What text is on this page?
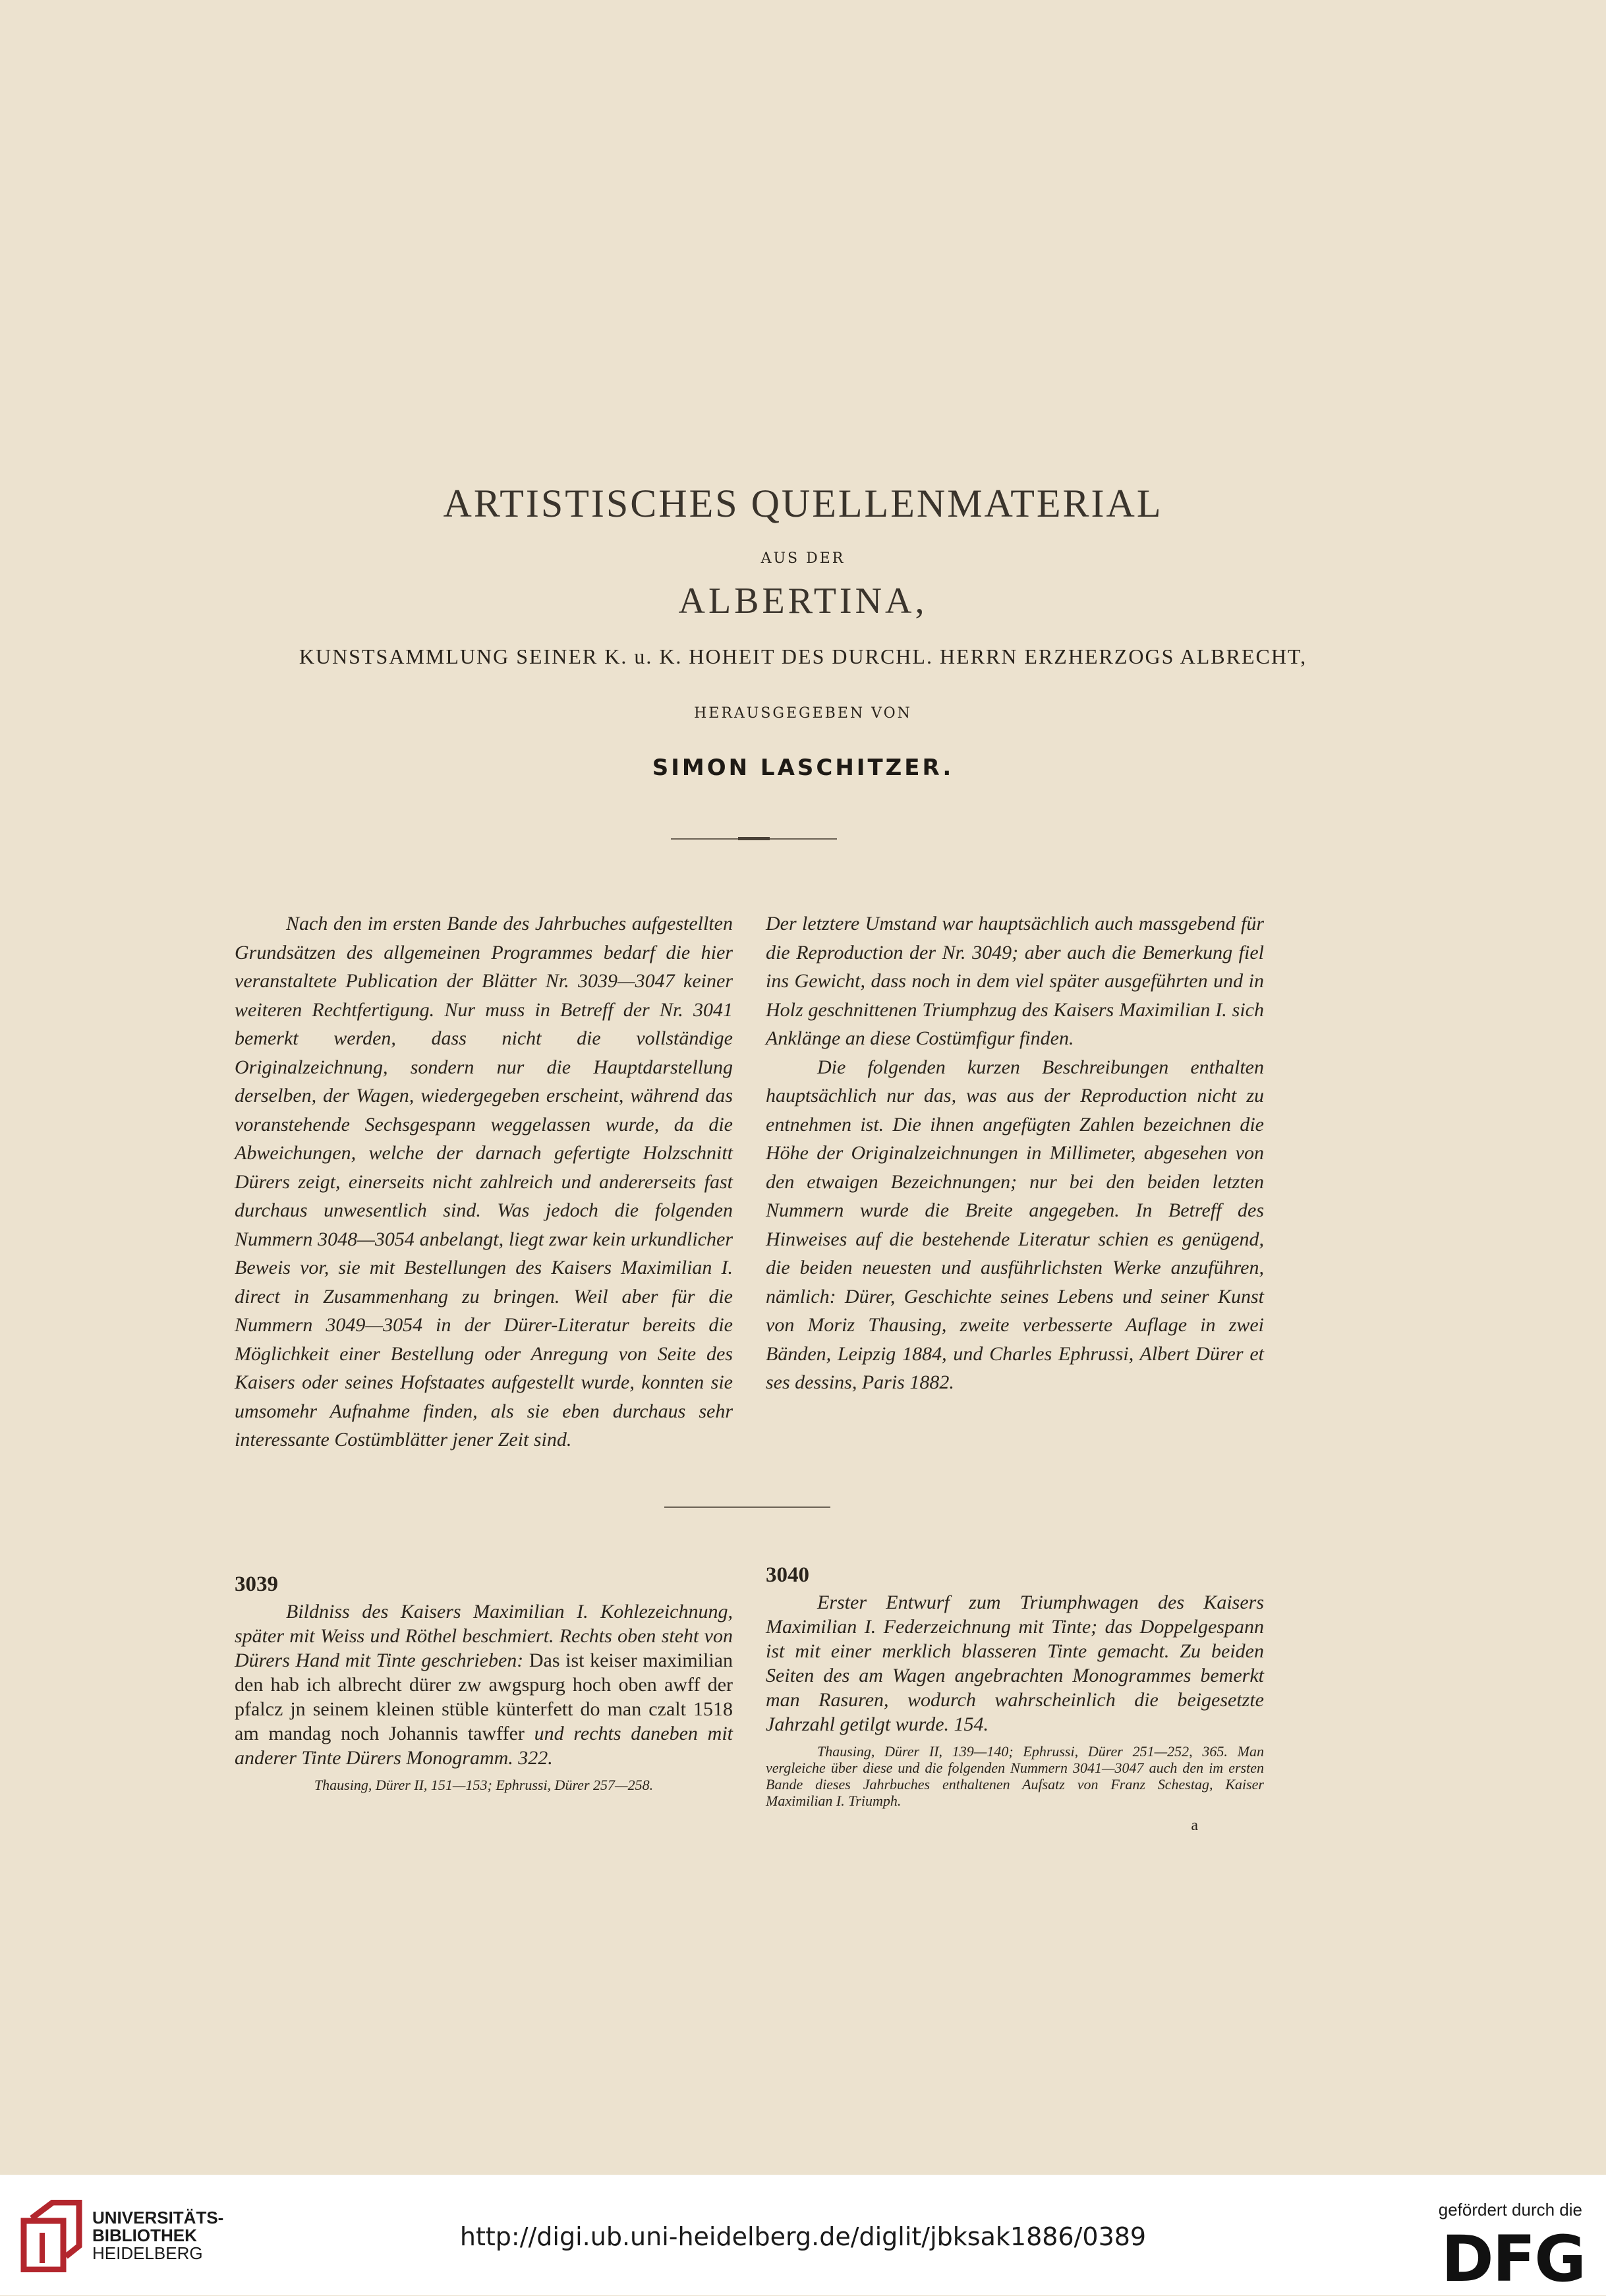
ARTISTISCHES QUELLENMATERIAL
AUS DER
ALBERTINA,
KUNSTSAMMLUNG SEINER K. u. K. HOHEIT DES DURCHL. HERRN ERZHERZOGS ALBRECHT,
HERAUSGEGEBEN VON
SIMON LASCHITZER.

Nach den im ersten Bande des Jahrbuches aufgestellten Grundsätzen des allgemeinen Programmes bedarf die hier veranstaltete Publication der Blätter Nr. 3039—3047 keiner weiteren Rechtfertigung. Nur muss in Betreff der Nr. 3041 bemerkt werden, dass nicht die vollständige Originalzeichnung, sondern nur die Hauptdarstellung derselben, der Wagen, wiedergegeben erscheint, während das voranstehende Sechsgespann weggelassen wurde, da die Abweichungen, welche der darnach gefertigte Holzschnitt Dürers zeigt, einerseits nicht zahlreich und andererseits fast durchaus unwesentlich sind. Was jedoch die folgenden Nummern 3048—3054 anbelangt, liegt zwar kein urkundlicher Beweis vor, sie mit Bestellungen des Kaisers Maximilian I. direct in Zusammenhang zu bringen. Weil aber für die Nummern 3049—3054 in der Dürer-Literatur bereits die Möglichkeit einer Bestellung oder Anregung von Seite des Kaisers oder seines Hofstaates aufgestellt wurde, konnten sie umsomehr Aufnahme finden, als sie eben durchaus sehr interessante Costümblätter jener Zeit sind.

Der letztere Umstand war hauptsächlich auch massgebend für die Reproduction der Nr. 3049; aber auch die Bemerkung fiel ins Gewicht, dass noch in dem viel später ausgeführten und in Holz geschnittenen Triumphzug des Kaisers Maximilian I. sich Anklänge an diese Costümfigur finden.

Die folgenden kurzen Beschreibungen enthalten hauptsächlich nur das, was aus der Reproduction nicht zu entnehmen ist. Die ihnen angefügten Zahlen bezeichnen die Höhe der Originalzeichnungen in Millimeter, abgesehen von den etwaigen Bezeichnungen; nur bei den beiden letzten Nummern wurde die Breite angegeben. In Betreff des Hinweises auf die bestehende Literatur schien es genügend, die beiden neuesten und ausführlichsten Werke anzuführen, nämlich: Dürer, Geschichte seines Lebens und seiner Kunst von Moriz Thausing, zweite verbesserte Auflage in zwei Bänden, Leipzig 1884, und Charles Ephrussi, Albert Dürer et ses dessins, Paris 1882.

3039

Bildniss des Kaisers Maximilian I. Kohlezeichnung, später mit Weiss und Röthel beschmiert. Rechts oben steht von Dürers Hand mit Tinte geschrieben: Das ist keiser maximilian den hab ich albrecht dürer zw awgspurg hoch oben awff der pfalcz jn seinem kleinen stüble künterfett do man czalt 1518 am mandag noch Johannis tawffer und rechts daneben mit anderer Tinte Dürers Monogramm. 322.

Thausing, Dürer II, 151—153; Ephrussi, Dürer 257—258.

3040

Erster Entwurf zum Triumphwagen des Kaisers Maximilian I. Federzeichnung mit Tinte; das Doppelgespann ist mit einer merklich blasseren Tinte gemacht. Zu beiden Seiten des am Wagen angebrachten Monogrammes bemerkt man Rasuren, wodurch wahrscheinlich die beigesetzte Jahrzahl getilgt wurde. 154.

Thausing, Dürer II, 139—140; Ephrussi, Dürer 251—252, 365. Man vergleiche über diese und die folgenden Nummern 3041—3047 auch den im ersten Bande dieses Jahrbuches enthaltenen Aufsatz von Franz Schestag, Kaiser Maximilian I. Triumph.

a
UNIVERSITÄTS-
BIBLIOTHEK
HEIDELBERG
http://digi.ub.uni-heidelberg.de/diglit/jbksak1886/0389
gefördert durch die
DFG
